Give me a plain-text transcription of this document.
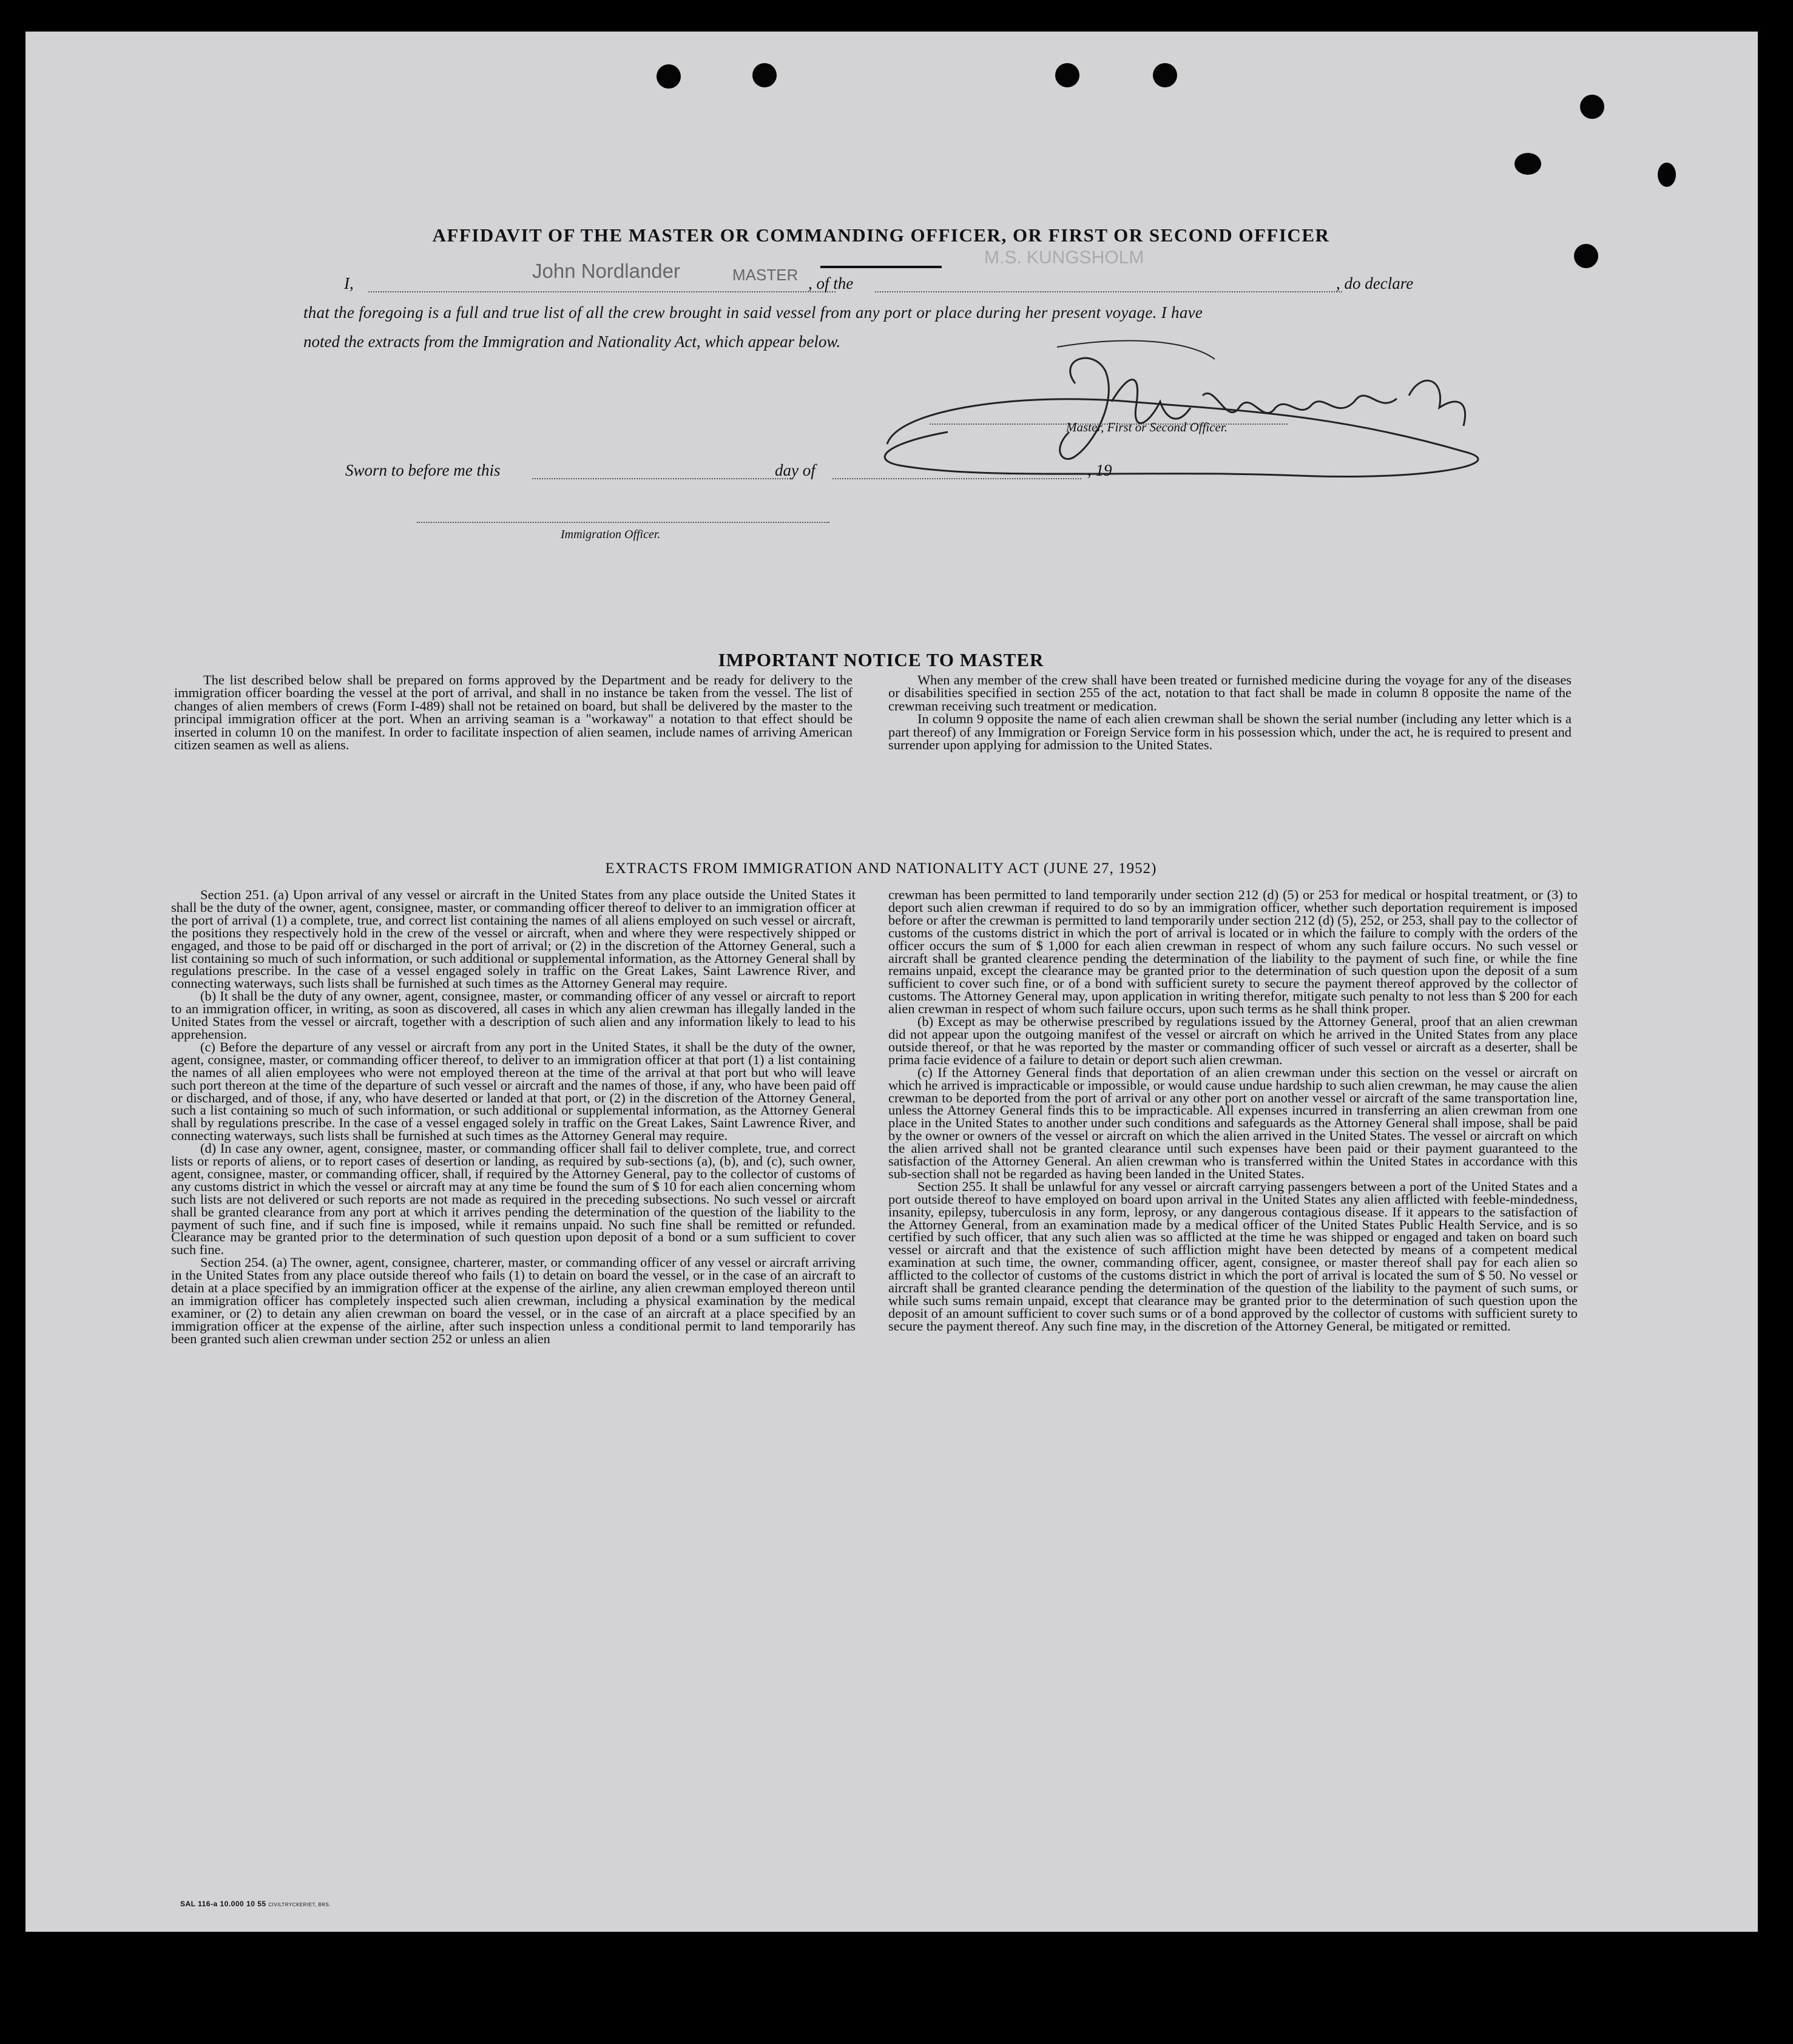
AFFIDAVIT OF THE MASTER OR COMMANDING OFFICER, OR FIRST OR SECOND OFFICER
I,
John Nordlander	MASTER , of the
M.S. KUNGSHOLM
, do declare
that the foregoing is a full and true list of all the crew brought in said vessel from any port or place during her present voyage. I have
noted the extracts from the Immigration and Nationality Act, which appear below.
Master, First or Second Officer.
Sworn to before me this	day of	, 19
Immigration Officer.
IMPORTANT NOTICE TO MASTER

The list described below shall be prepared on forms approved by the Department and be ready for delivery to the immigration officer boarding the vessel at the port of arrival, and shall in no instance be taken from the vessel. The list of changes of alien members of crews (Form I-489) shall not be retained on board, but shall be delivered by the master to the principal immigration officer at the port. When an arriving seaman is a "workaway" a notation to that effect should be inserted in column 10 on the manifest. In order to facilitate inspection of alien seamen, include names of arriving American citizen seamen as well as aliens.

When any member of the crew shall have been treated or furnished medicine during the voyage for any of the diseases or disabilities specified in section 255 of the act, notation to that fact shall be made in column 8 opposite the name of the crewman receiving such treatment or medication.

In column 9 opposite the name of each alien crewman shall be shown the serial number (including any letter which is a part thereof) of any Immigration or Foreign Service form in his possession which, under the act, he is required to present and surrender upon applying for admission to the United States.

EXTRACTS FROM IMMIGRATION AND NATIONALITY ACT (JUNE 27, 1952)

Section 251. (a) Upon arrival of any vessel or aircraft in the United States from any place outside the United States it shall be the duty of the owner, agent, consignee, master, or commanding officer thereof to deliver to an immigration officer at the port of arrival (1) a complete, true, and correct list containing the names of all aliens employed on such vessel or aircraft, the positions they respectively hold in the crew of the vessel or aircraft, when and where they were respectively shipped or engaged, and those to be paid off or discharged in the port of arrival; or (2) in the discretion of the Attorney General, such a list containing so much of such information, or such additional or supplemental information, as the Attorney General shall by regulations prescribe. In the case of a vessel engaged solely in traffic on the Great Lakes, Saint Lawrence River, and connecting waterways, such lists shall be furnished at such times as the Attorney General may require.

(b) It shall be the duty of any owner, agent, consignee, master, or commanding officer of any vessel or aircraft to report to an immigration officer, in writing, as soon as discovered, all cases in which any alien crewman has illegally landed in the United States from the vessel or aircraft, together with a description of such alien and any information likely to lead to his apprehension.

(c) Before the departure of any vessel or aircraft from any port in the United States, it shall be the duty of the owner, agent, consignee, master, or commanding officer thereof, to deliver to an immigration officer at that port (1) a list containing the names of all alien employees who were not employed thereon at the time of the arrival at that port but who will leave such port thereon at the time of the departure of such vessel or aircraft and the names of those, if any, who have been paid off or discharged, and of those, if any, who have deserted or landed at that port, or (2) in the discretion of the Attorney General, such a list containing so much of such information, or such additional or supplemental information, as the Attorney General shall by regulations prescribe. In the case of a vessel engaged solely in traffic on the Great Lakes, Saint Lawrence River, and connecting waterways, such lists shall be furnished at such times as the Attorney General may require.

(d) In case any owner, agent, consignee, master, or commanding officer shall fail to deliver complete, true, and correct lists or reports of aliens, or to report cases of desertion or landing, as required by sub-sections (a), (b), and (c), such owner, agent, consignee, master, or commanding officer, shall, if required by the Attorney General, pay to the collector of customs of any customs district in which the vessel or aircraft may at any time be found the sum of $ 10 for each alien concerning whom such lists are not delivered or such reports are not made as required in the preceding subsections. No such vessel or aircraft shall be granted clearance from any port at which it arrives pending the determination of the question of the liability to the payment of such fine, and if such fine is imposed, while it remains unpaid. No such fine shall be remitted or refunded. Clearance may be granted prior to the determination of such question upon deposit of a bond or a sum sufficient to cover such fine.

Section 254. (a) The owner, agent, consignee, charterer, master, or commanding officer of any vessel or aircraft arriving in the United States from any place outside thereof who fails (1) to detain on board the vessel, or in the case of an aircraft to detain at a place specified by an immigration officer at the expense of the airline, any alien crewman employed thereon until an immigration officer has completely inspected such alien crewman, including a physical examination by the medical examiner, or (2) to detain any alien crewman on board the vessel, or in the case of an aircraft at a place specified by an immigration officer at the expense of the airline, after such inspection unless a conditional permit to land temporarily has been granted such alien crewman under section 252 or unless an alien

crewman has been permitted to land temporarily under section 212 (d) (5) or 253 for medical or hospital treatment, or (3) to deport such alien crewman if required to do so by an immigration officer, whether such deportation requirement is imposed before or after the crewman is permitted to land temporarily under section 212 (d) (5), 252, or 253, shall pay to the collector of customs of the customs district in which the port of arrival is located or in which the failure to comply with the orders of the officer occurs the sum of $ 1,000 for each alien crewman in respect of whom any such failure occurs. No such vessel or aircraft shall be granted clearence pending the determination of the liability to the payment of such fine, or while the fine remains unpaid, except the clearance may be granted prior to the determination of such question upon the deposit of a sum sufficient to cover such fine, or of a bond with sufficient surety to secure the payment thereof approved by the collector of customs. The Attorney General may, upon application in writing therefor, mitigate such penalty to not less than $ 200 for each alien crewman in respect of whom such failure occurs, upon such terms as he shall think proper.

(b) Except as may be otherwise prescribed by regulations issued by the Attorney General, proof that an alien crewman did not appear upon the outgoing manifest of the vessel or aircraft on which he arrived in the United States from any place outside thereof, or that he was reported by the master or commanding officer of such vessel or aircraft as a deserter, shall be prima facie evidence of a failure to detain or deport such alien crewman.

(c) If the Attorney General finds that deportation of an alien crewman under this section on the vessel or aircraft on which he arrived is impracticable or impossible, or would cause undue hardship to such alien crewman, he may cause the alien crewman to be deported from the port of arrival or any other port on another vessel or aircraft of the same transportation line, unless the Attorney General finds this to be impracticable. All expenses incurred in transferring an alien crewman from one place in the United States to another under such conditions and safeguards as the Attorney General shall impose, shall be paid by the owner or owners of the vessel or aircraft on which the alien arrived in the United States. The vessel or aircraft on which the alien arrived shall not be granted clearance until such expenses have been paid or their payment guaranteed to the satisfaction of the Attorney General. An alien crewman who is transferred within the United States in accordance with this sub-section shall not be regarded as having been landed in the United States.

Section 255. It shall be unlawful for any vessel or aircraft carrying passengers between a port of the United States and a port outside thereof to have employed on board upon arrival in the United States any alien afflicted with feeble-mindedness, insanity, epilepsy, tuberculosis in any form, leprosy, or any dangerous contagious disease. If it appears to the satisfaction of the Attorney General, from an examination made by a medical officer of the United States Public Health Service, and is so certified by such officer, that any such alien was so afflicted at the time he was shipped or engaged and taken on board such vessel or aircraft and that the existence of such affliction might have been detected by means of a competent medical examination at such time, the owner, commanding officer, agent, consignee, or master thereof shall pay for each alien so afflicted to the collector of customs of the customs district in which the port of arrival is located the sum of $ 50. No vessel or aircraft shall be granted clearance pending the determination of the question of the liability to the payment of such sums, or while such sums remain unpaid, except that clearance may be granted prior to the determination of such question upon the deposit of an amount sufficient to cover such sums or of a bond approved by the collector of customs with sufficient surety to secure the payment thereof. Any such fine may, in the discretion of the Attorney General, be mitigated or remitted.

SAL 116-a 10.000 10 55 CIVILTRYCKERIET, BRS.
